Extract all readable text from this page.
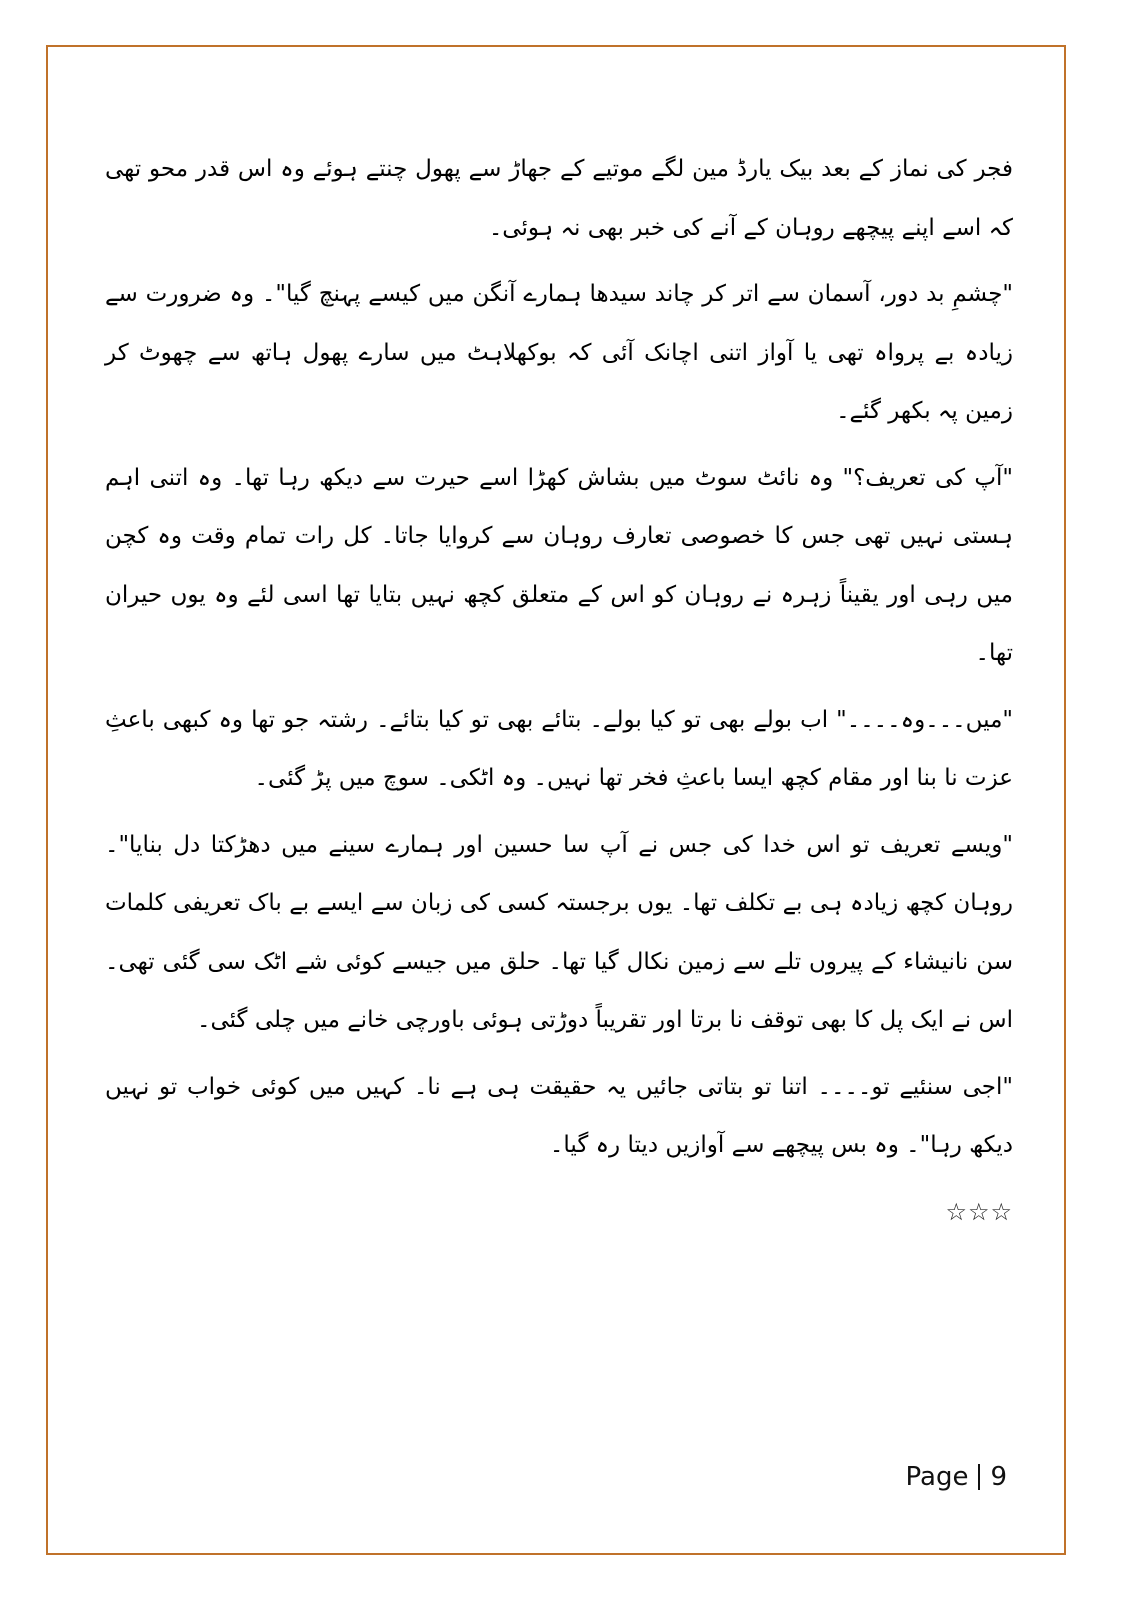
فجر کی نماز کے بعد بیک یارڈ مین لگے موتیے کے جھاڑ سے پھول چنتے ہوئے وہ اس قدر محو تھی کہ اسے اپنے پیچھے روہان کے آنے کی خبر بھی نہ ہوئی۔

"چشمِ بد دور، آسمان سے اتر کر چاند سیدھا ہمارے آنگن میں کیسے پہنچ گیا"۔ وہ ضرورت سے زیادہ بے پرواہ تھی یا آواز اتنی اچانک آئی کہ بوکھلاہٹ میں سارے پھول ہاتھ سے چھوٹ کر زمین پہ بکھر گئے۔

"آپ کی تعریف؟" وہ نائٹ سوٹ میں بشاش کھڑا اسے حیرت سے دیکھ رہا تھا۔ وہ اتنی اہم ہستی نہیں تھی جس کا خصوصی تعارف روہان سے کروایا جاتا۔ کل رات تمام وقت وہ کچن میں رہی اور یقیناً زہرہ نے روہان کو اس کے متعلق کچھ نہیں بتایا تھا اسی لئے وہ یوں حیران تھا۔

"میں۔۔۔وہ۔۔۔۔" اب بولے بھی تو کیا بولے۔ بتائے بھی تو کیا بتائے۔ رشتہ جو تھا وہ کبھی باعثِ عزت نا بنا اور مقام کچھ ایسا باعثِ فخر تھا نہیں۔ وہ اٹکی۔ سوچ میں پڑ گئی۔

"ویسے تعریف تو اس خدا کی جس نے آپ سا حسین اور ہمارے سینے میں دھڑکتا دل بنایا"۔ روہان کچھ زیادہ ہی بے تکلف تھا۔ یوں برجستہ کسی کی زبان سے ایسے بے باک تعریفی کلمات سن نانیشاء کے پیروں تلے سے زمین نکال گیا تھا۔ حلق میں جیسے کوئی شے اٹک سی گئی تھی۔ اس نے ایک پل کا بھی توقف نا برتا اور تقریباً دوڑتی ہوئی باورچی خانے میں چلی گئی۔

"اجی سنئیے تو۔۔۔۔ اتنا تو بتاتی جائیں یہ حقیقت ہی ہے نا۔ کہیں میں کوئی خواب تو نہیں دیکھ رہا"۔ وہ بس پیچھے سے آوازیں دیتا رہ گیا۔

☆☆☆
Page 9
